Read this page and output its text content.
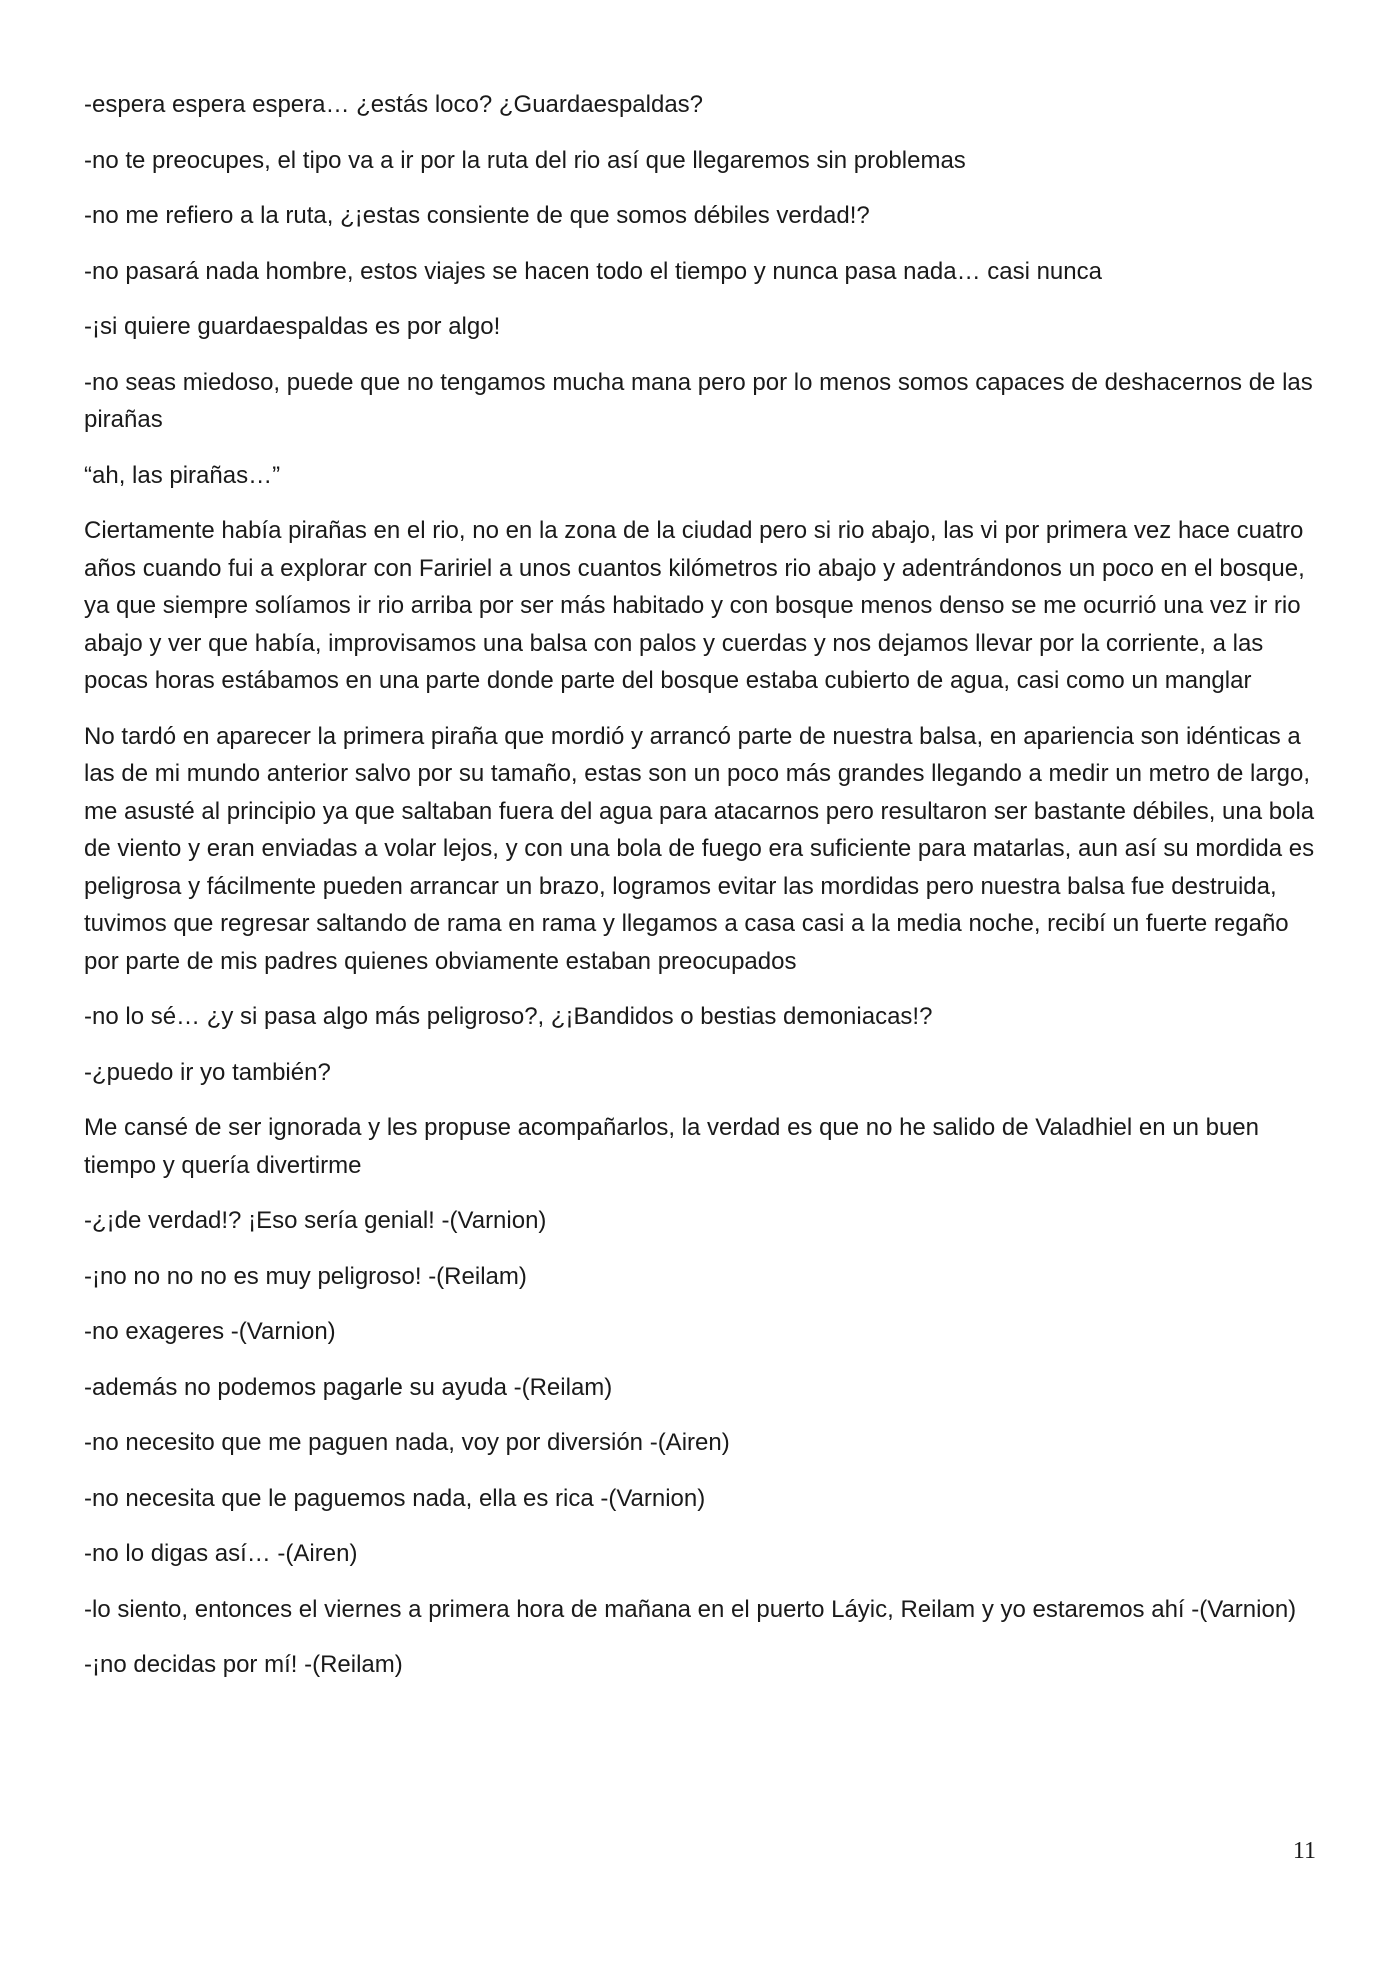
-espera espera espera… ¿estás loco? ¿Guardaespaldas?

-no te preocupes, el tipo va a ir por la ruta del rio así que llegaremos sin problemas

-no me refiero a la ruta, ¿¡estas consiente de que somos débiles verdad!?

-no pasará nada hombre, estos viajes se hacen todo el tiempo y nunca pasa nada… casi nunca

-¡si quiere guardaespaldas es por algo!

-no seas miedoso, puede que no tengamos mucha mana pero por lo menos somos capaces de deshacernos de las pirañas

“ah, las pirañas…”

Ciertamente había pirañas en el rio, no en la zona de la ciudad pero si rio abajo, las vi por primera vez hace cuatro años cuando fui a explorar con Faririel a unos cuantos kilómetros rio abajo y adentrándonos un poco en el bosque, ya que siempre solíamos ir rio arriba por ser más habitado y con bosque menos denso se me ocurrió una vez ir rio abajo y ver que había, improvisamos una balsa con palos y cuerdas y nos dejamos llevar por la corriente, a las pocas horas estábamos en una parte donde parte del bosque estaba cubierto de agua, casi como un manglar

No tardó en aparecer la primera piraña que mordió y arrancó parte de nuestra balsa, en apariencia son idénticas a las de mi mundo anterior salvo por su tamaño, estas son un poco más grandes llegando a medir un metro de largo, me asusté al principio ya que saltaban fuera del agua para atacarnos pero resultaron ser bastante débiles, una bola de viento y eran enviadas a volar lejos, y con una bola de fuego era suficiente para matarlas, aun así su mordida es peligrosa y fácilmente pueden arrancar un brazo, logramos evitar las mordidas pero nuestra balsa fue destruida, tuvimos que regresar saltando de rama en rama y llegamos a casa casi a la media noche, recibí un fuerte regaño por parte de mis padres quienes obviamente estaban preocupados

-no lo sé… ¿y si pasa algo más peligroso?, ¿¡Bandidos o bestias demoniacas!?

-¿puedo ir yo también?

Me cansé de ser ignorada y les propuse acompañarlos, la verdad es que no he salido de Valadhiel en un buen tiempo y quería divertirme

-¿¡de verdad!? ¡Eso sería genial! -(Varnion)

-¡no no no no es muy peligroso! -(Reilam)

-no exageres -(Varnion)

-además no podemos pagarle su ayuda -(Reilam)

-no necesito que me paguen nada, voy por diversión -(Airen)

-no necesita que le paguemos nada, ella es rica -(Varnion)

-no lo digas así… -(Airen)

-lo siento, entonces el viernes a primera hora de mañana en el puerto Láyic, Reilam y yo estaremos ahí -(Varnion)

-¡no decidas por mí! -(Reilam)

11
